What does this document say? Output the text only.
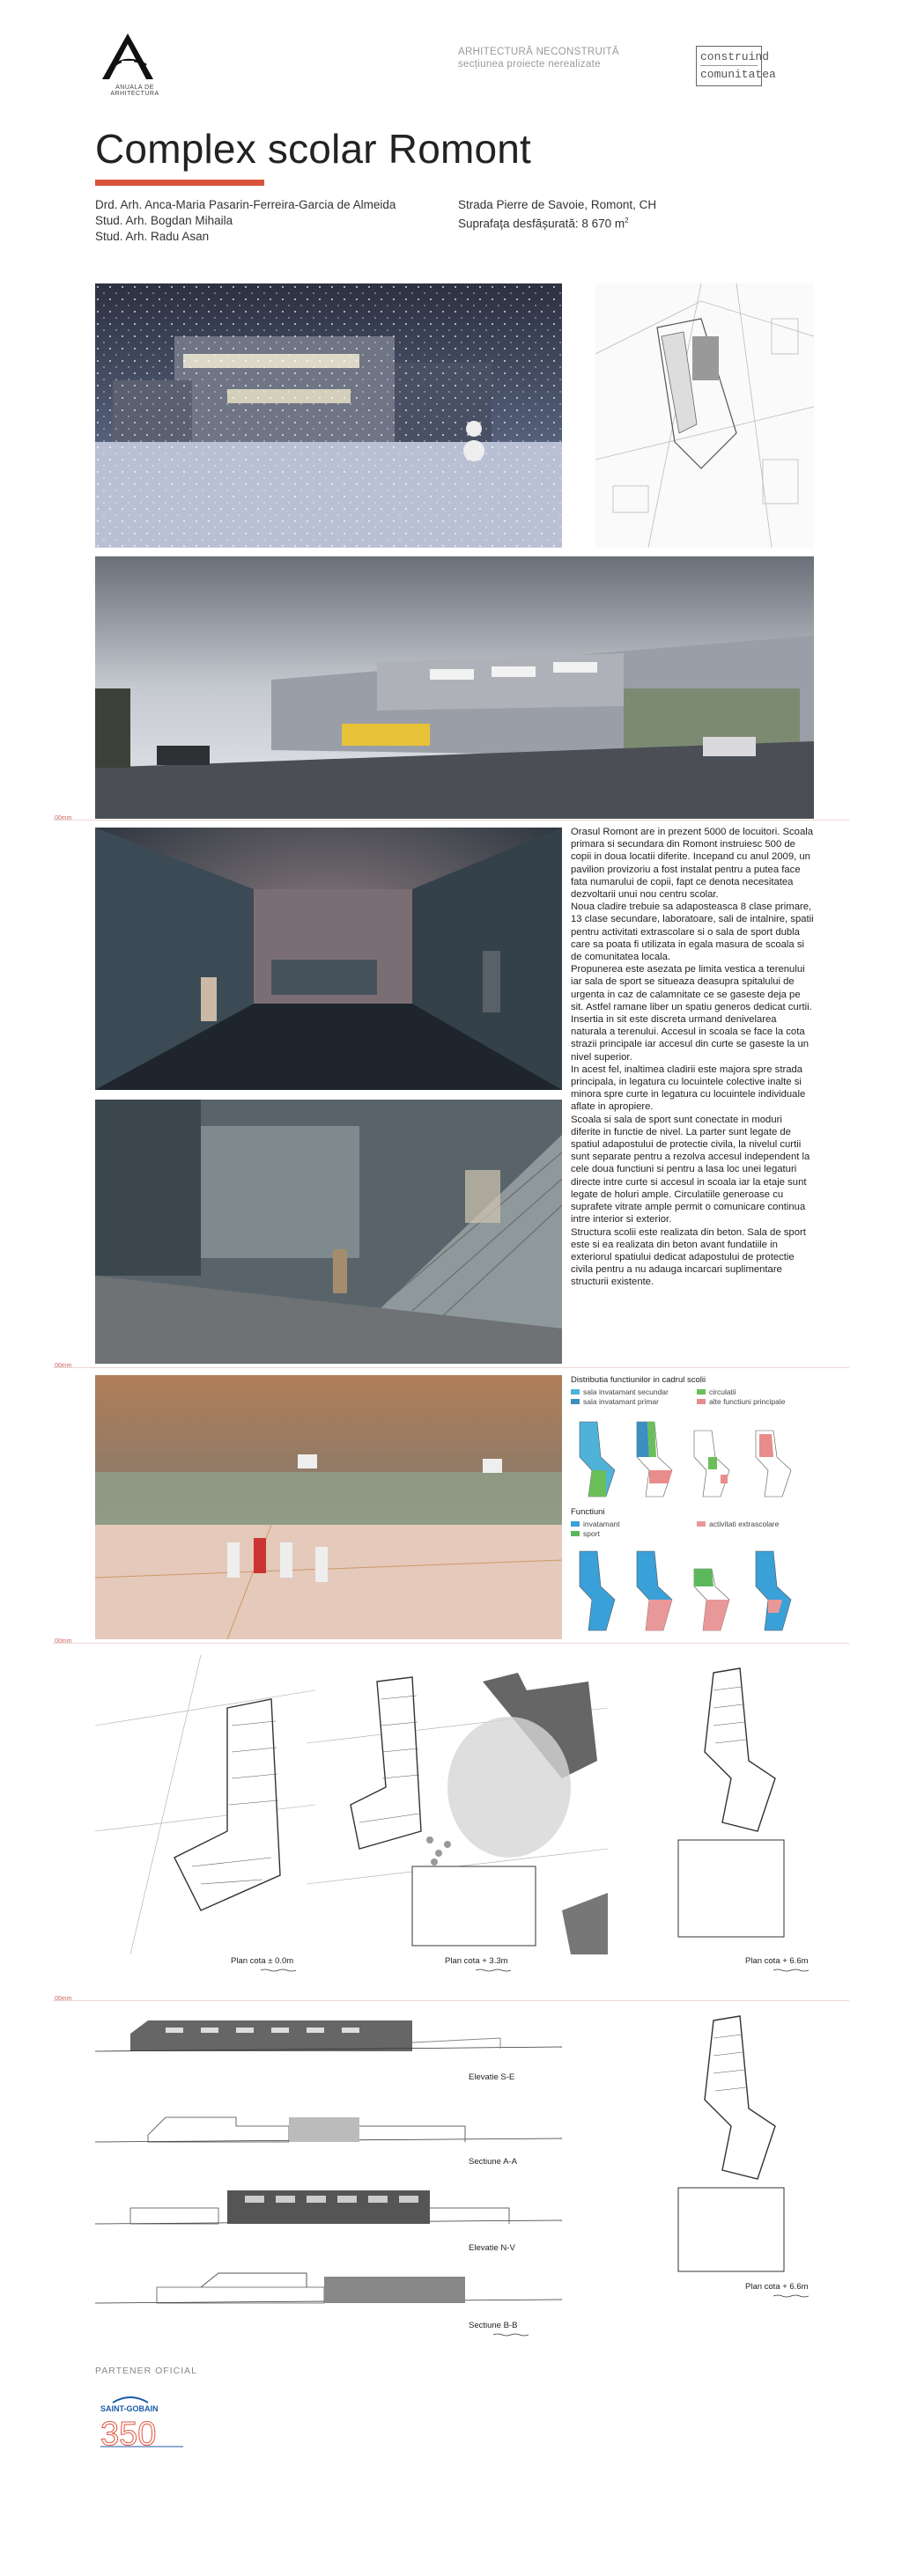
ANUALA DE ARHITECTURA
ARHITECTURĂ NECONSTRUITĂ
secțiunea proiecte nerealizate
construind
comunitatea
Complex scolar Romont
Drd. Arh. Anca-Maria Pasarin-Ferreira-Garcia de Almeida
Stud. Arh. Bogdan Mihaila
Stud. Arh. Radu Asan
Strada Pierre de Savoie, Romont, CH
Suprafața desfășurată: 8 670 $m^2$
00mm

Orasul Romont are in prezent 5000 de locuitori. Scoala primara si secundara din Romont instruiesc 500 de copii in doua locatii diferite. Incepand cu anul 2009, un pavilion provizoriu a fost instalat pentru a putea face fata numarului de copii, fapt ce denota necesitatea dezvoltarii unui nou centru scolar.

Noua cladire trebuie sa adaposteasca 8 clase primare, 13 clase secundare, laboratoare, sali de intalnire, spatii pentru activitati extrascolare si o sala de sport dubla care sa poata fi utilizata in egala masura de scoala si de comunitatea locala.

Propunerea este asezata pe limita vestica a terenului iar sala de sport se situeaza deasupra spitalului de urgenta in caz de calamnitate ce se gaseste deja pe sit. Astfel ramane liber un spatiu generos dedicat curtii. Insertia in sit este discreta urmand denivelarea naturala a terenului. Accesul in scoala se face la cota strazii principale iar accesul din curte se gaseste la un nivel superior.

In acest fel, inaltimea cladirii este majora spre strada principala, in legatura cu locuintele colective inalte si minora spre curte in legatura cu locuintele individuale aflate in apropiere.

Scoala si sala de sport sunt conectate in moduri diferite in functie de nivel. La parter sunt legate de spatiul adapostului de protectie civila, la nivelul curtii sunt separate pentru a rezolva accesul independent la cele doua functiuni si pentru a lasa loc unei legaturi directe intre curte si accesul in scoala iar la etaje sunt legate de holuri ample. Circulatiile generoase cu suprafete vitrate ample permit o comunicare continua intre interior si exterior.

Structura scolii este realizata din beton. Sala de sport este si ea realizata din beton avant fundatiile in exteriorul spatiului dedicat adapostului de protectie civila pentru a nu adauga incarcari suplimentare structurii existente.

00mm
Distributia functiunilor in cadrul scolii
sala invatamant secundar	circulatii
sala invatamant primar	alte functiuni principale
Functiuni
invatamant	activitati extrascolare
sport
00mm
Plan cota ± 0.0m	Plan cota + 3.3m	Plan cota + 6.6m
00mm
Elevatie S-E
Sectiune A-A
Elevatie N-V
Sectiune B-B
Plan cota + 6.6m
PARTENER OFICIAL
SAINT-GOBAIN
350
